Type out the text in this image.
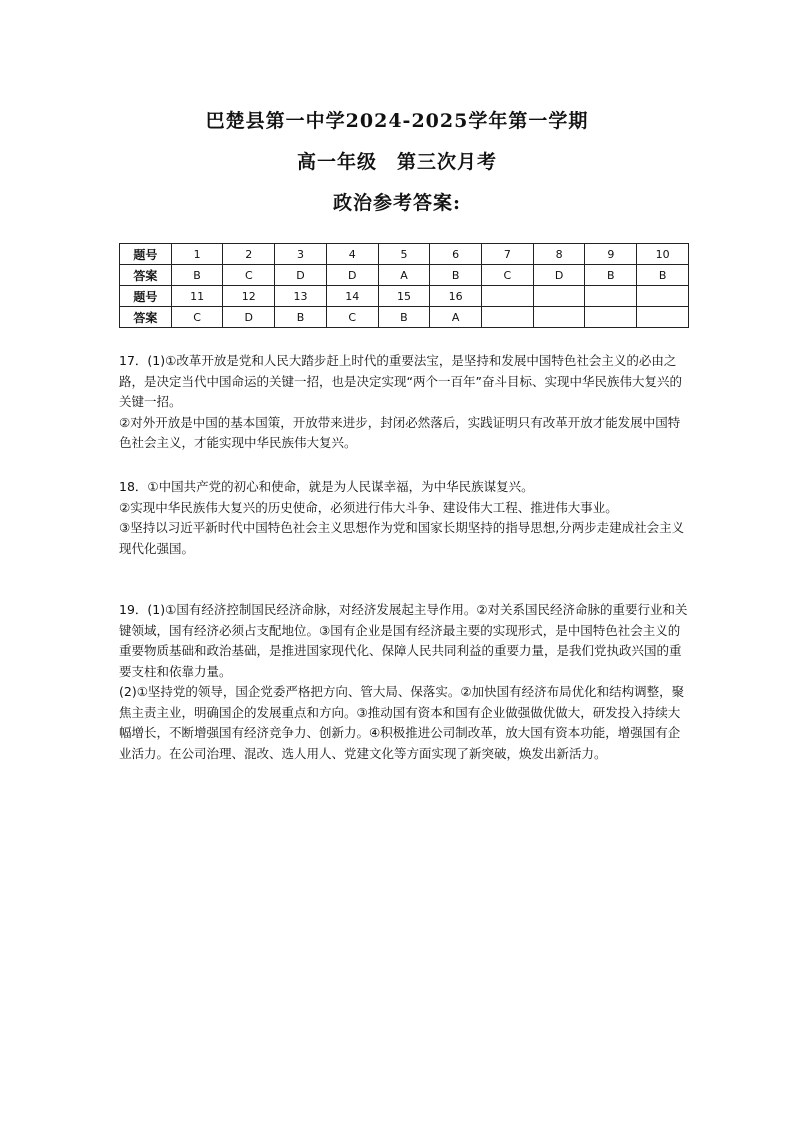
巴楚县第一中学2024-2025学年第一学期
高一年级　第三次月考
政治参考答案:
题号	1	2	3	4	5	6	7	8	9	10
答案	B	C	D	D	A	B	C	D	B	B
题号	11	12	13	14	15	16				
答案	C	D	B	C	B	A				

17．(1)①改革开放是党和人民大踏步赶上时代的重要法宝，是坚持和发展中国特色社会主义的必由之路，是决定当代中国命运的关键一招，也是决定实现“两个一百年”奋斗目标、实现中华民族伟大复兴的关键一招。

②对外开放是中国的基本国策，开放带来进步，封闭必然落后，实践证明只有改革开放才能发展中国特色社会主义，才能实现中华民族伟大复兴。

18．①中国共产党的初心和使命，就是为人民谋幸福，为中华民族谋复兴。

②实现中华民族伟大复兴的历史使命，必须进行伟大斗争、建设伟大工程、推进伟大事业。

③坚持以习近平新时代中国特色社会主义思想作为党和国家长期坚持的指导思想,分两步走建成社会主义现代化强国。

19．(1)①国有经济控制国民经济命脉，对经济发展起主导作用。②对关系国民经济命脉的重要行业和关键领域，国有经济必须占支配地位。③国有企业是国有经济最主要的实现形式，是中国特色社会主义的重要物质基础和政治基础，是推进国家现代化、保障人民共同利益的重要力量，是我们党执政兴国的重要支柱和依靠力量。

(2)①坚持党的领导，国企党委严格把方向、管大局、保落实。②加快国有经济布局优化和结构调整，聚焦主责主业，明确国企的发展重点和方向。③推动国有资本和国有企业做强做优做大，研发投入持续大幅增长，不断增强国有经济竞争力、创新力。④积极推进公司制改革，放大国有资本功能，增强国有企业活力。在公司治理、混改、选人用人、党建文化等方面实现了新突破，焕发出新活力。
